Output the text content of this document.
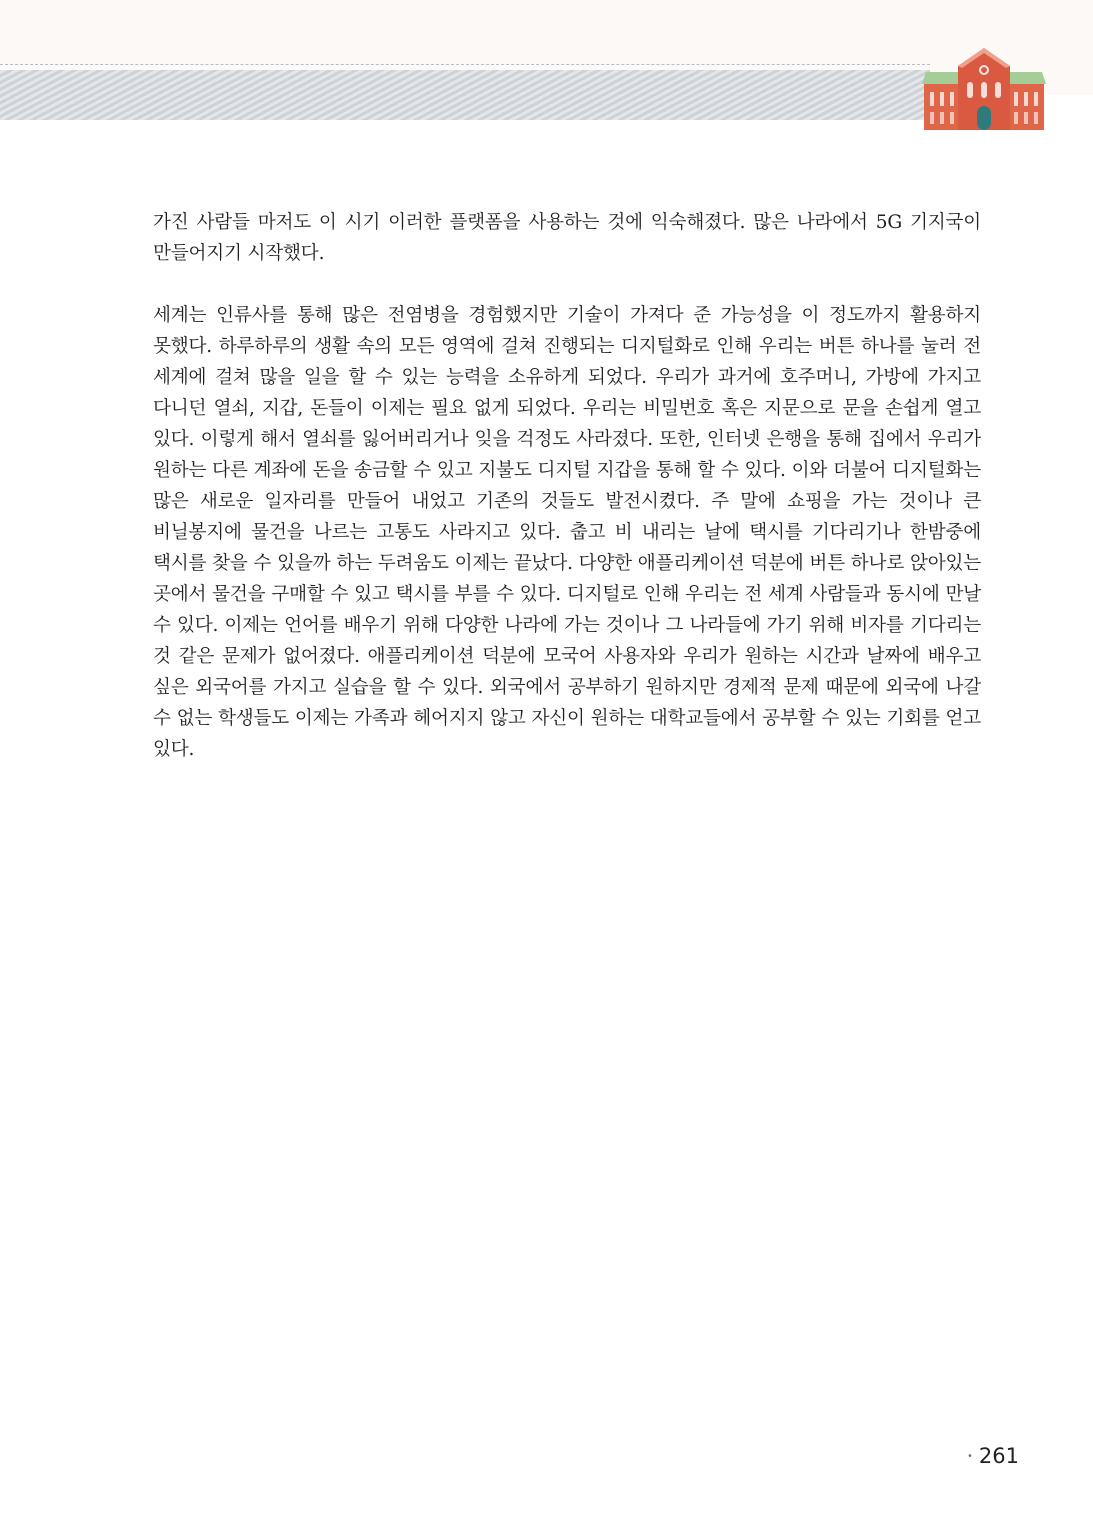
가진 사람들 마저도 이 시기 이러한 플랫폼을 사용하는 것에 익숙해졌다. 많은 나라에서 5G 기지국이 만들어지기 시작했다.

세계는 인류사를 통해 많은 전염병을 경험했지만 기술이 가져다 준 가능성을 이 정도까지 활용하지 못했다. 하루하루의 생활 속의 모든 영역에 걸쳐 진행되는 디지털화로 인해 우리는 버튼 하나를 눌러 전 세계에 걸쳐 많을 일을 할 수 있는 능력을 소유하게 되었다. 우리가 과거에 호주머니, 가방에 가지고 다니던 열쇠, 지갑, 돈들이 이제는 필요 없게 되었다. 우리는 비밀번호 혹은 지문으로 문을 손쉽게 열고 있다. 이렇게 해서 열쇠를 잃어버리거나 잊을 걱정도 사라졌다. 또한, 인터넷 은행을 통해 집에서 우리가 원하는 다른 계좌에 돈을 송금할 수 있고 지불도 디지털 지갑을 통해 할 수 있다. 이와 더불어 디지털화는 많은 새로운 일자리를 만들어 내었고 기존의 것들도 발전시켰다. 주 말에 쇼핑을 가는 것이나 큰 비닐봉지에 물건을 나르는 고통도 사라지고 있다. 춥고 비 내리는 날에 택시를 기다리기나 한밤중에 택시를 찾을 수 있을까 하는 두려움도 이제는 끝났다. 다양한 애플리케이션 덕분에 버튼 하나로 앉아있는 곳에서 물건을 구매할 수 있고 택시를 부를 수 있다. 디지털로 인해 우리는 전 세계 사람들과 동시에 만날 수 있다. 이제는 언어를 배우기 위해 다양한 나라에 가는 것이나 그 나라들에 가기 위해 비자를 기다리는 것 같은 문제가 없어졌다. 애플리케이션 덕분에 모국어 사용자와 우리가 원하는 시간과 날짜에 배우고 싶은 외국어를 가지고 실습을 할 수 있다. 외국에서 공부하기 원하지만 경제적 문제 때문에 외국에 나갈 수 없는 학생들도 이제는 가족과 헤어지지 않고 자신이 원하는 대학교들에서 공부할 수 있는 기회를 얻고 있다.

• 261
